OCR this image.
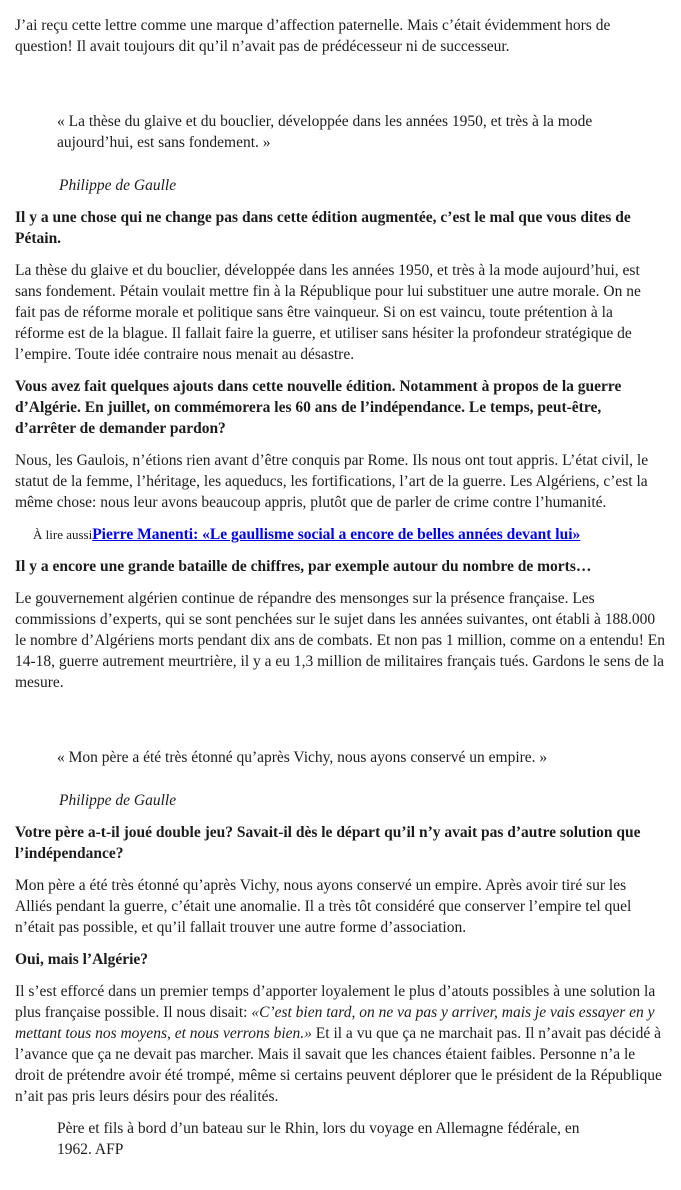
J’ai reçu cette lettre comme une marque d’affection paternelle. Mais c’était évidemment hors de question! Il avait toujours dit qu’il n’avait pas de prédécesseur ni de successeur.

« La thèse du glaive et du bouclier, développée dans les années 1950, et très à la mode aujourd’hui, est sans fondement. »

Philippe de Gaulle

Il y a une chose qui ne change pas dans cette édition augmentée, c’est le mal que vous dites de Pétain.

La thèse du glaive et du bouclier, développée dans les années 1950, et très à la mode aujourd’hui, est sans fondement. Pétain voulait mettre fin à la République pour lui substituer une autre morale. On ne fait pas de réforme morale et politique sans être vainqueur. Si on est vaincu, toute prétention à la réforme est de la blague. Il fallait faire la guerre, et utiliser sans hésiter la profondeur stratégique de l’empire. Toute idée contraire nous menait au désastre.

Vous avez fait quelques ajouts dans cette nouvelle édition. Notamment à propos de la guerre d’Algérie. En juillet, on commémorera les 60 ans de l’indépendance. Le temps, peut-être, d’arrêter de demander pardon?

Nous, les Gaulois, n’étions rien avant d’être conquis par Rome. Ils nous ont tout appris. L’état civil, le statut de la femme, l’héritage, les aqueducs, les fortifications, l’art de la guerre. Les Algériens, c’est la même chose: nous leur avons beaucoup appris, plutôt que de parler de crime contre l’humanité.

À lire aussiPierre Manenti: «Le gaullisme social a encore de belles années devant lui»

Il y a encore une grande bataille de chiffres, par exemple autour du nombre de morts…

Le gouvernement algérien continue de répandre des mensonges sur la présence française. Les commissions d’experts, qui se sont penchées sur le sujet dans les années suivantes, ont établi à 188.000 le nombre d’Algériens morts pendant dix ans de combats. Et non pas 1 million, comme on a entendu! En 14-18, guerre autrement meurtrière, il y a eu 1,3 million de militaires français tués. Gardons le sens de la mesure.

« Mon père a été très étonné qu’après Vichy, nous ayons conservé un empire. »

Philippe de Gaulle

Votre père a-t-il joué double jeu? Savait-il dès le départ qu’il n’y avait pas d’autre solution que l’indépendance?

Mon père a été très étonné qu’après Vichy, nous ayons conservé un empire. Après avoir tiré sur les Alliés pendant la guerre, c’était une anomalie. Il a très tôt considéré que conserver l’empire tel quel n’était pas possible, et qu’il fallait trouver une autre forme d’association.

Oui, mais l’Algérie?

Il s’est efforcé dans un premier temps d’apporter loyalement le plus d’atouts possibles à une solution la plus française possible. Il nous disait: «C’est bien tard, on ne va pas y arriver, mais je vais essayer en y mettant tous nos moyens, et nous verrons bien.» Et il a vu que ça ne marchait pas. Il n’avait pas décidé à l’avance que ça ne devait pas marcher. Mais il savait que les chances étaient faibles. Personne n’a le droit de prétendre avoir été trompé, même si certains peuvent déplorer que le président de la République n’ait pas pris leurs désirs pour des réalités.

Père et fils à bord d’un bateau sur le Rhin, lors du voyage en Allemagne fédérale, en 1962. AFP
